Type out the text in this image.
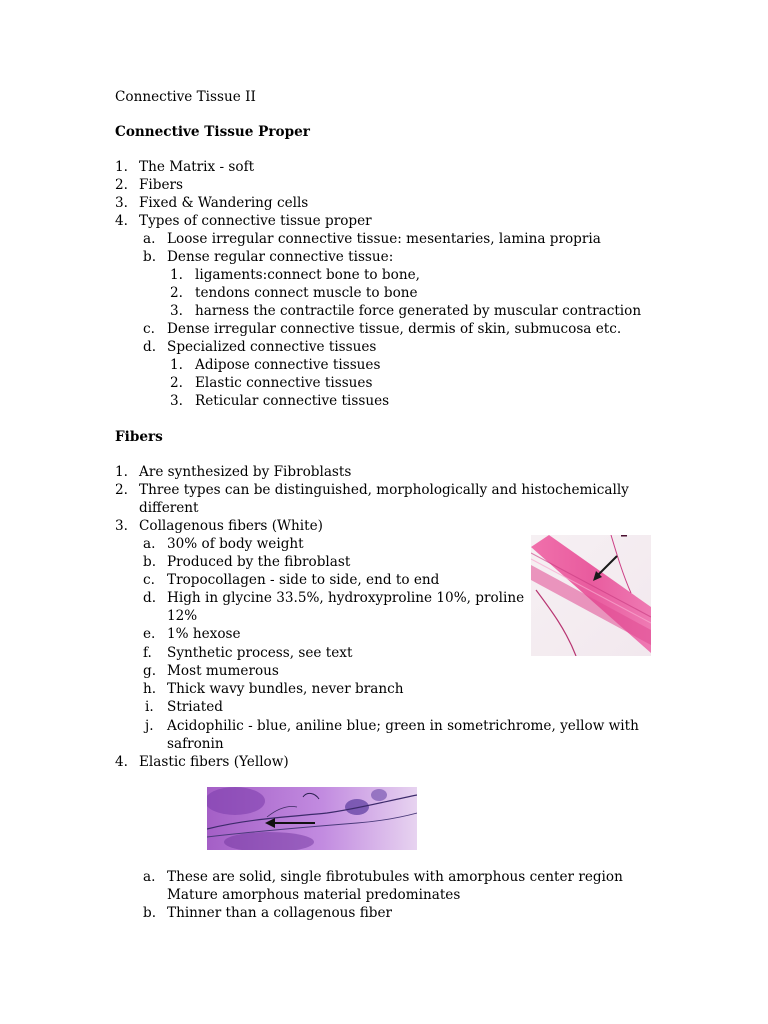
Connective Tissue II
Connective Tissue Proper
1. The Matrix - soft
2. Fibers
3. Fixed & Wandering cells
4. Types of connective tissue proper
a. Loose irregular connective tissue: mesentaries, lamina propria
b. Dense regular connective tissue:
1. ligaments:connect bone to bone,
2. tendons connect muscle to bone
3. harness the contractile force generated by muscular contraction
c. Dense irregular connective tissue, dermis of skin, submucosa etc.
d. Specialized connective tissues
1. Adipose connective tissues
2. Elastic connective tissues
3. Reticular connective tissues
Fibers
1. Are synthesized by Fibroblasts
2. Three types can be distinguished, morphologically and histochemically
different
3. Collagenous fibers (White)
a. 30% of body weight
b. Produced by the fibroblast
c. Tropocollagen - side to side, end to end
d. High in glycine 33.5%, hydroxyproline 10%, proline
12%
e. 1% hexose
f. Synthetic process, see text
g. Most mumerous
h. Thick wavy bundles, never branch
i. Striated
j. Acidophilic - blue, aniline blue; green in sometrichrome, yellow with
safronin
4. Elastic fibers (Yellow)
a. These are solid, single fibrotubules with amorphous center region
Mature amorphous material predominates
b. Thinner than a collagenous fiber
